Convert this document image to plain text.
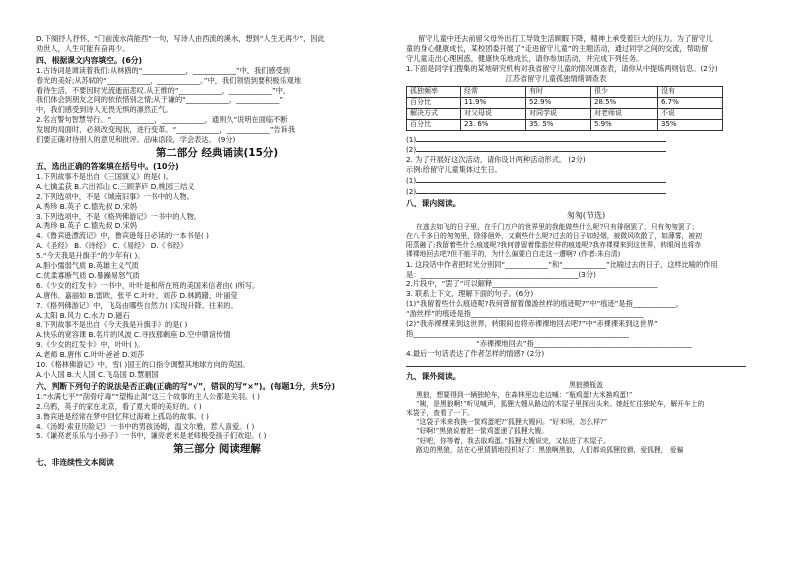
D.下阕抒人抒怀，“门前流水尚能西”一句，写诗人由西流的溪水，想到“人生无再少”，因此
劝世人，人生可能有奋再少。
四、根据课文内容填空。(6分)
1.古诗词是调读着我们:从林鸥的“____________，____________”中，我们感受到
春光的美好;从苏轼的“____________，____________。”中，我们领悟到要积极乐观地
看待生活，不要因时光流逝而悲叹.从王维的“____________，____________”中，
我们体会到朋友之间的依依惜别之情;从于谦的“____________，____________”
中，我们感受到诗人无畏无惧的凛然正气。
2.名言警句智慧导行。“____________，____________，通则久”说明在面临不断
发展的局面时，必须改变现状，进行变革。“____________，____________”告诉我
们要正确对待别人的意见和批评。品味语段，学会表达。 (9分)
第二部分 经典诵读(15分)
五、选出正确的答案填在括号中。(10分)
1.下列故事不是出自《三国演义》的是( )。
A.七擒孟获 B.六出祁山 C.三顾茅庐 D.桃园三结义
2.下列选项中，不是《城南旧事》一书中的人物。
A.秀珍 B.英子 C.德先叔 D.宋妈
3.下列选项中，不是《格列佛游记》一书中的人物。
A.秀珍 B.英子 C.德先叔 D.宋妈
4.《鲁宾逊漂流记》中，鲁宾逊每日必读的一本书是( )
A.《圣经》 B.《诗经》 C.《易经》 D.《书经》
5.“今天我是升旗手”的少年有( )。
A.胆小懦弱气质 B.英雄主义气质
C.优柔寡断气质 D.暴躁易怒气质
6.《少女的红发卡》一书中，叶叶是和所在班的美国来信者由( )所写。
A.唐伟、嘉丽如 B.雷欧、张平 C.叶叶、刘莎 D.林踌躇、叶丽莹
7.《格列佛游记》中，飞岛由哪些自然力( )实现升降、往来的。
A.太阳 B.风力 C.水力 D.磁石
8.下列故事不是出自《今天我是升旗手》的是( )
A.快乐的宽容课 B.名片的风波 C.寻找那剩座 D.空中鼎谊传情
9.《少女的红发卡》中，叶叶( )。
A.老师 B.唐伟 C.叶叶爸爸 D.刘莎
10.《格林佛游记》中，雪( )国王的口指令调整其地球方向的英国。
A.小人国 B.大人国 C.飞岛国 D.慧骃国
六、判断下列句子的说法是否正确(正确的写“√”，错误的写“×”)。(每题1分，共5分)
1.“水满七平”“刮骨疗毒”“望梅止渴”这三个故事的主人公都是关羽。( )
2.乌鸦，英子的家在北京，看了夏大哥的美好的。( )
3.鲁宾逊是经常在梦中回忆拜过海难上孤岛的故事。( )
4.《汤姆·索亚历险记》一书中的男孩汤姆，温文尔雅，惹人喜爱。( )
5.《谦亮老乐乐与小孙子》一书中，谦亮老米是老师极受孩子们欢迎。( )
第三部分 阅读理解
七、非连续性文本阅读
留守儿童中还去前留父母外出打工导致生活顾暇下降，精神上承受着巨大的压力。为了留守儿
童的身心健康成长，某校团委开展了“走进留守儿童”的主题活动，通过同学之间的交流，帮助留
守儿童走出心理困惑，健康快乐地成长，请你参加活动，并完成下列任务。
1.下面是同学们搜集的某地研究机构对我省留守儿童的情况调查表，请你从中提炼两则信息。(2分)
江苏省留守儿童孤独情绪调查表
孤独频率	经常	有时	很少	没有
百分比	11.9%	52.9%	28.5%	6.7%
解决方式	对父母说	对同学说	对老师说	不说
百分比	23. 6%	35. 5%	5.9%	35%
(1)
(2)
2. 为了开展好这次活动，请你设计两种活动形式。 (2分)
示例:给留守儿童集体过生日。
(1)
(2)
八、课内阅读。
匆匆(节选)
在逃去如飞的日子里，在千门万户的世界里的我能做些什么呢?只有徘徊罢了，只有匆匆罢了；
在八千多日的匆匆里，除徘徊外，又剩些什么呢?过去的日子如轻烟，被微风吹散了，如薄雾，被初
阳蒸融了;我留着些什么痕迹呢?我何曾留着像游丝样的痕迹呢?我赤裸裸来到这世界，转眼间也将赤
裸裸地回去吧?但不能平的，为什么偏要白白走这一遭啊? (作者:朱自清)
1. 这段话中作者把时光分别同“____________”和“____________”比喻过去的日子，这样比喻的作用
是：____________________________________________(3分)
2.片段中，“罢了”可以解释______________________________________________
3. 联系上下文，理解下面的句子。(6分)
(1)“我留着些什么痕迹呢?我何曾留着像游丝样的痕迹呢?”中“痕迹”是指____________，
“游丝样”的痕迹是指________________________________________________
(2)“我赤裸裸来到这世界，转眼间也将赤裸裸地回去吧?”中“赤裸裸来到这世界”
指____________________________________________________________
“赤裸裸地回去”指____________________________________________
4.最后一句话表达了作者怎样的情感? (2分)
九、课外阅读。
黑狼摸瓶盖
黑狼，想要得到一辆独轮车，在森林里边走边喊：“瓶鸡蛋!大米换鸡蛋!”
“咦，是黑狼啊!”听见喊声，狐狸大嫂从路边的木屋子里探出头来。她赶忙往独轮车，解开车上的
米袋子，查看了一下。
“这袋子米来我换一筐鸡蛋吧?”狐狸大嫂问。“好米呀，怎么样?”
“好啊!”黑狼说着把一筐鸡蛋递了狐狸大嫂。
“好吧，你等着，我去取鸡蛋。”狐狸大嫂说完，又钻进了木屋子。
路边的黑狼，站在心里猜猜地投机好了：黑狼啊黑狼，人们都说狐狸狡猾，爱狐狸， 爱骗
